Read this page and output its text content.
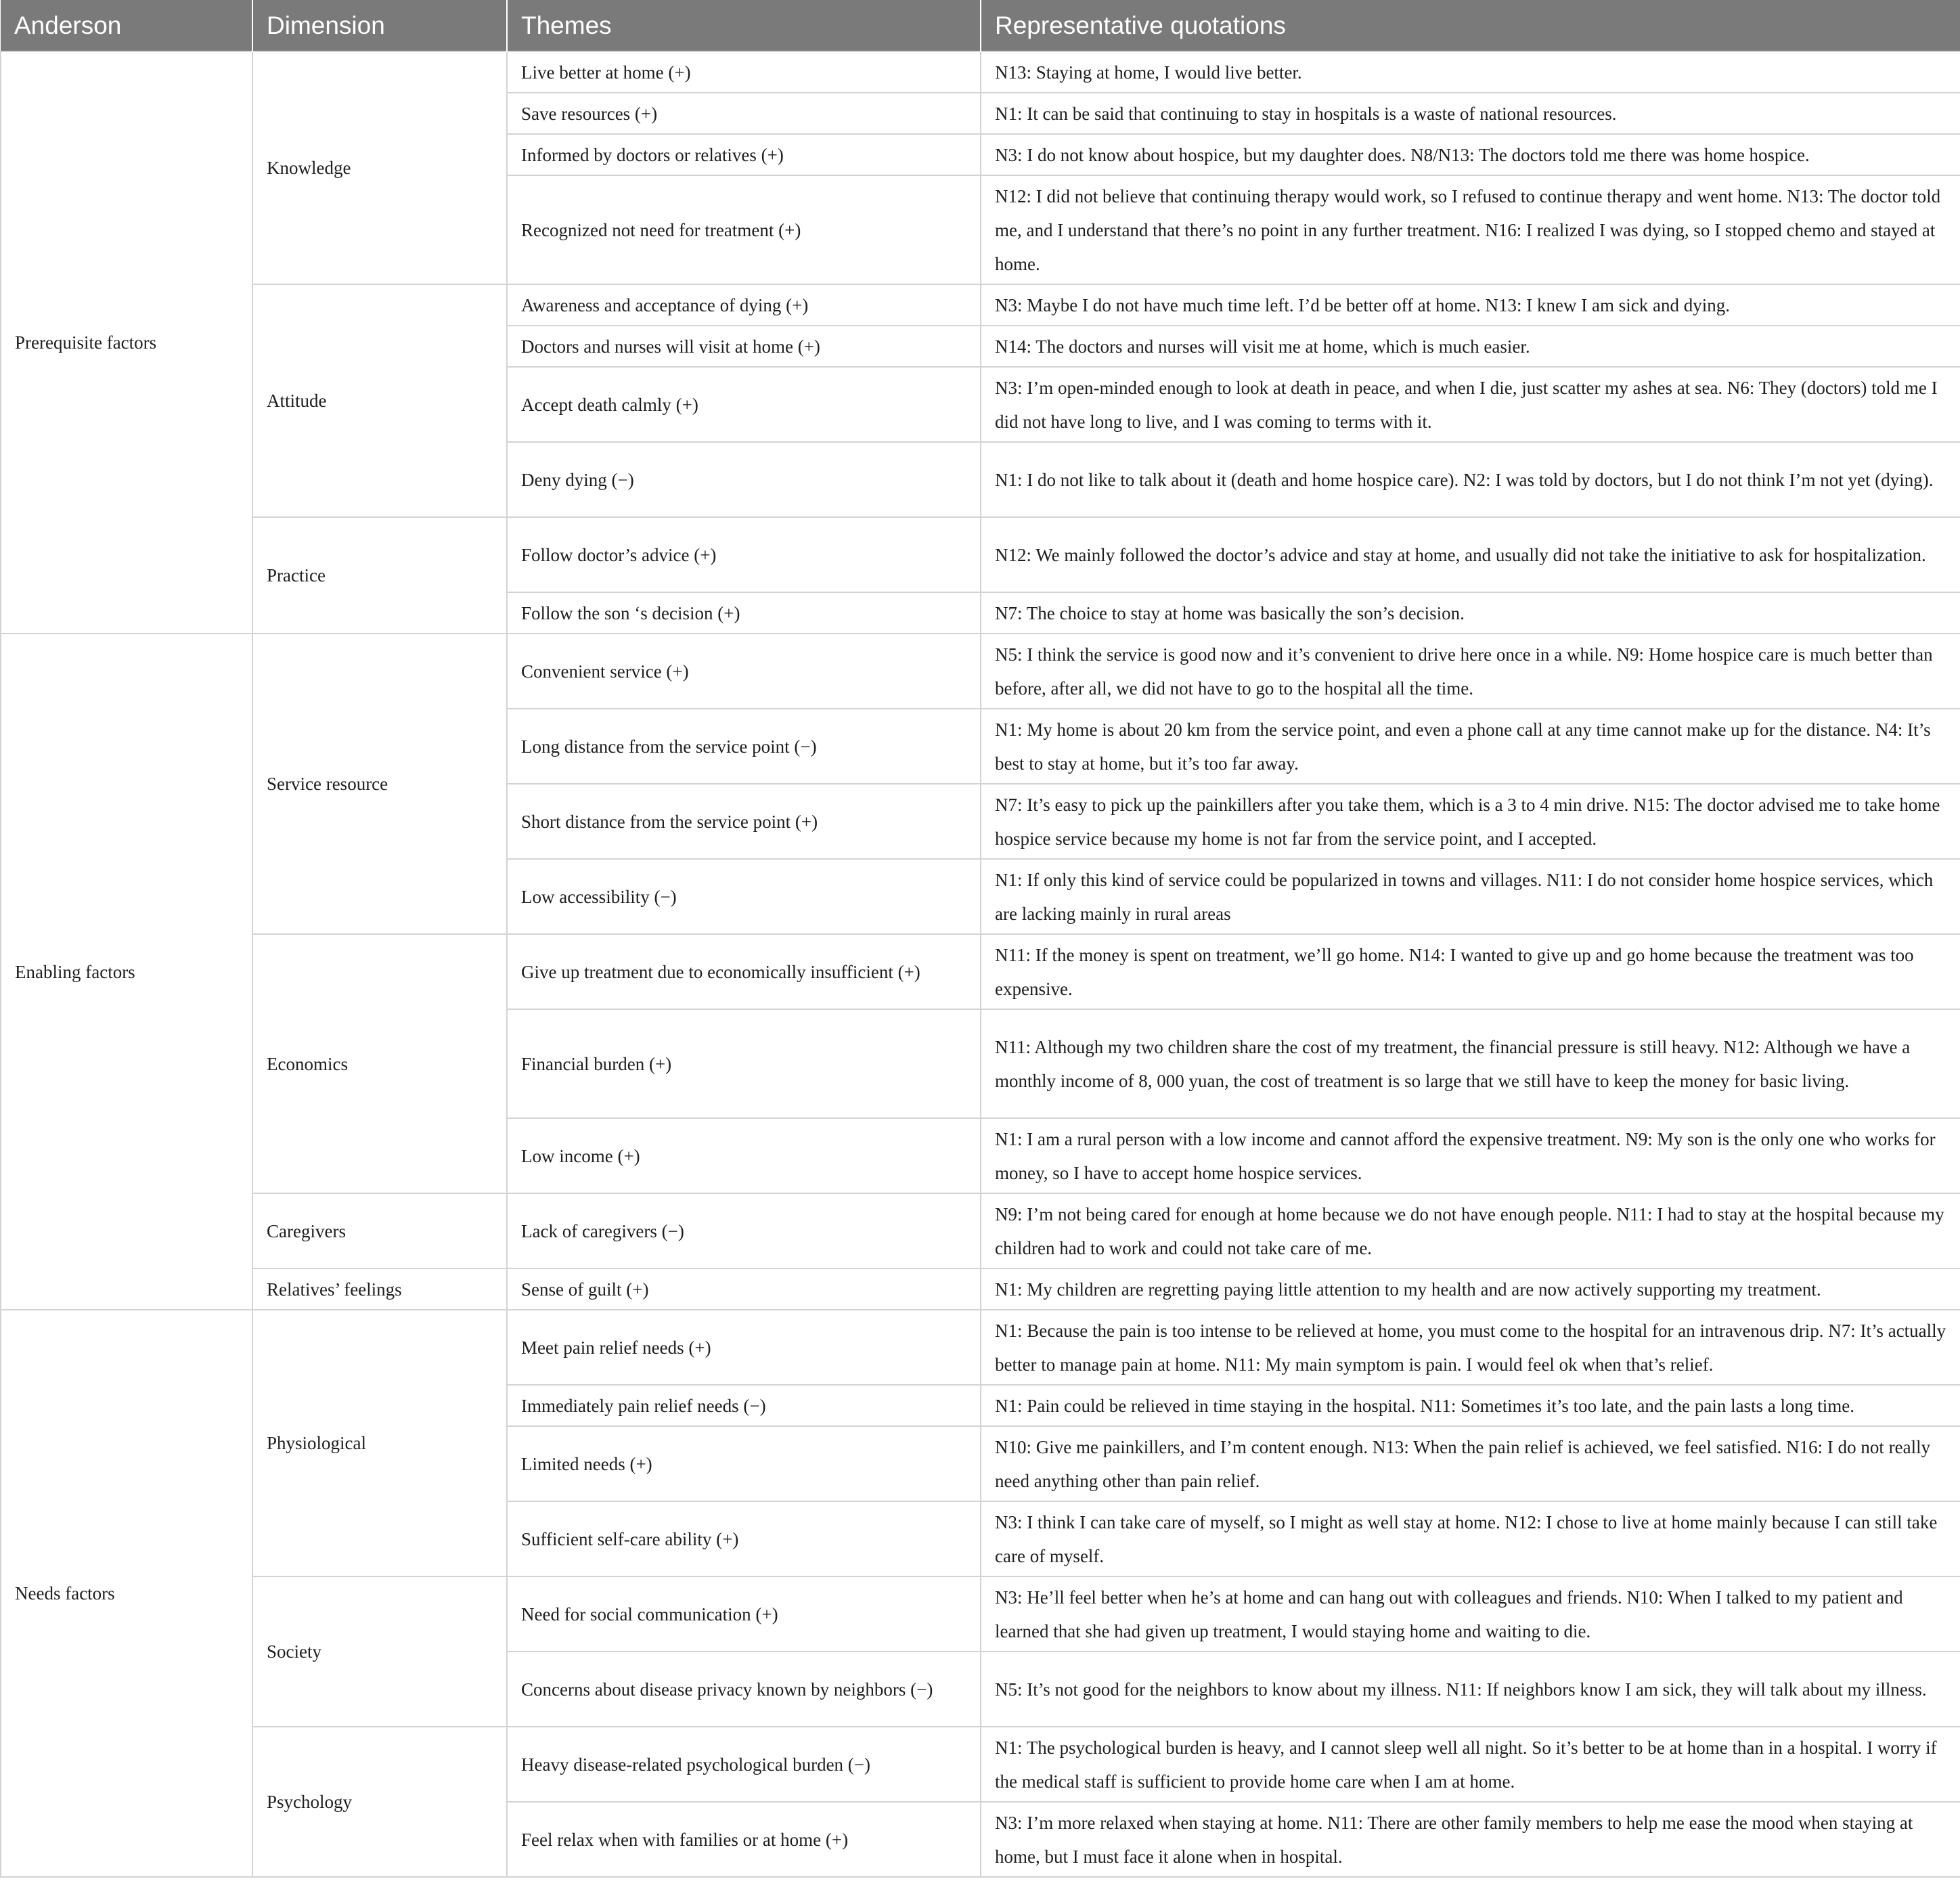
Anderson	Dimension	Themes	Representative quotations
Prerequisite factors	Knowledge	Live better at home (+)	N13: Staying at home, I would live better.
		Save resources (+)	N1: It can be said that continuing to stay in hospitals is a waste of national resources.
		Informed by doctors or relatives (+)	N3: I do not know about hospice, but my daughter does. N8/N13: The doctors told me there was home hospice.
		Recognized not need for treatment (+)	N12: I did not believe that continuing therapy would work, so I refused to continue therapy and went home. N13: The doctor told me, and I understand that there’s no point in any further treatment. N16: I realized I was dying, so I stopped chemo and stayed at home.
	Attitude	Awareness and acceptance of dying (+)	N3: Maybe I do not have much time left. I’d be better off at home. N13: I knew I am sick and dying.
		Doctors and nurses will visit at home (+)	N14: The doctors and nurses will visit me at home, which is much easier.
		Accept death calmly (+)	N3: I’m open-minded enough to look at death in peace, and when I die, just scatter my ashes at sea. N6: They (doctors) told me I did not have long to live, and I was coming to terms with it.
		Deny dying (−)	N1: I do not like to talk about it (death and home hospice care). N2: I was told by doctors, but I do not think I’m not yet (dying).
	Practice	Follow doctor’s advice (+)	N12: We mainly followed the doctor’s advice and stay at home, and usually did not take the initiative to ask for hospitalization.
		Follow the son ‘s decision (+)	N7: The choice to stay at home was basically the son’s decision.
Enabling factors	Service resource	Convenient service (+)	N5: I think the service is good now and it’s convenient to drive here once in a while. N9: Home hospice care is much better than before, after all, we did not have to go to the hospital all the time.
		Long distance from the service point (−)	N1: My home is about 20 km from the service point, and even a phone call at any time cannot make up for the distance. N4: It’s best to stay at home, but it’s too far away.
		Short distance from the service point (+)	N7: It’s easy to pick up the painkillers after you take them, which is a 3 to 4 min drive. N15: The doctor advised me to take home hospice service because my home is not far from the service point, and I accepted.
		Low accessibility (−)	N1: If only this kind of service could be popularized in towns and villages. N11: I do not consider home hospice services, which are lacking mainly in rural areas
	Economics	Give up treatment due to economically insufficient (+)	N11: If the money is spent on treatment, we’ll go home. N14: I wanted to give up and go home because the treatment was too expensive.
		Financial burden (+)	N11: Although my two children share the cost of my treatment, the financial pressure is still heavy. N12: Although we have a monthly income of 8, 000 yuan, the cost of treatment is so large that we still have to keep the money for basic living.
		Low income (+)	N1: I am a rural person with a low income and cannot afford the expensive treatment. N9: My son is the only one who works for money, so I have to accept home hospice services.
	Caregivers	Lack of caregivers (−)	N9: I’m not being cared for enough at home because we do not have enough people. N11: I had to stay at the hospital because my children had to work and could not take care of me.
	Relatives’ feelings	Sense of guilt (+)	N1: My children are regretting paying little attention to my health and are now actively supporting my treatment.
Needs factors	Physiological	Meet pain relief needs (+)	N1: Because the pain is too intense to be relieved at home, you must come to the hospital for an intravenous drip. N7: It’s actually better to manage pain at home. N11: My main symptom is pain. I would feel ok when that’s relief.
		Immediately pain relief needs (−)	N1: Pain could be relieved in time staying in the hospital. N11: Sometimes it’s too late, and the pain lasts a long time.
		Limited needs (+)	N10: Give me painkillers, and I’m content enough. N13: When the pain relief is achieved, we feel satisfied. N16: I do not really need anything other than pain relief.
		Sufficient self-care ability (+)	N3: I think I can take care of myself, so I might as well stay at home. N12: I chose to live at home mainly because I can still take care of myself.
	Society	Need for social communication (+)	N3: He’ll feel better when he’s at home and can hang out with colleagues and friends. N10: When I talked to my patient and learned that she had given up treatment, I would staying home and waiting to die.
		Concerns about disease privacy known by neighbors (−)	N5: It’s not good for the neighbors to know about my illness. N11: If neighbors know I am sick, they will talk about my illness.
	Psychology	Heavy disease-related psychological burden (−)	N1: The psychological burden is heavy, and I cannot sleep well all night. So it’s better to be at home than in a hospital. I worry if the medical staff is sufficient to provide home care when I am at home.
		Feel relax when with families or at home (+)	N3: I’m more relaxed when staying at home. N11: There are other family members to help me ease the mood when staying at home, but I must face it alone when in hospital.
